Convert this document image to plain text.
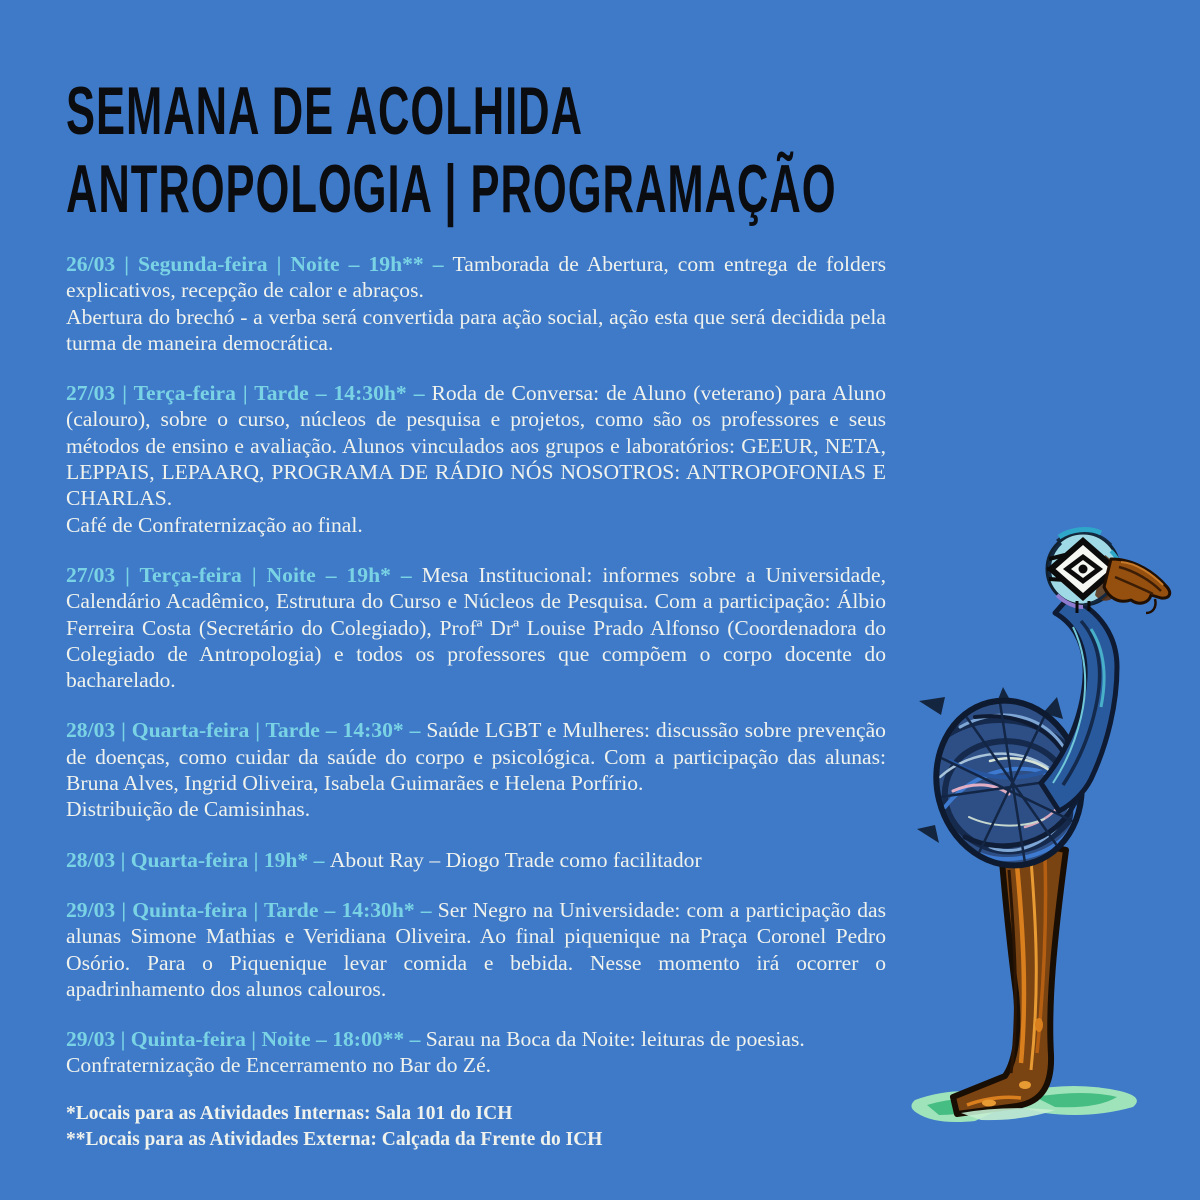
SEMANA DE ACOLHIDA
ANTROPOLOGIA | PROGRAMAÇÃO

26/03 | Segunda-feira | Noite – 19h** – Tamborada de Abertura, com entrega de folders explicativos, recepção de calor e abraços.
Abertura do brechó - a verba será convertida para ação social, ação esta que será decidida pela turma de maneira democrática.

27/03 | Terça-feira | Tarde – 14:30h* – Roda de Conversa: de Aluno (veterano) para Aluno (calouro), sobre o curso, núcleos de pesquisa e projetos, como são os professores e seus métodos de ensino e avaliação. Alunos vinculados aos grupos e laboratórios: GEEUR, NETA, LEPPAIS, LEPAARQ, PROGRAMA DE RÁDIO NÓS NOSOTROS: ANTROPOFONIAS E CHARLAS.
Café de Confraternização ao final.

27/03 | Terça-feira | Noite – 19h* – Mesa Institucional: informes sobre a Universidade, Calendário Acadêmico, Estrutura do Curso e Núcleos de Pesquisa. Com a participação: Álbio Ferreira Costa (Secretário do Colegiado), Profª Drª Louise Prado Alfonso (Coordenadora do Colegiado de Antropologia) e todos os professores que compõem o corpo docente do bacharelado.

28/03 | Quarta-feira | Tarde – 14:30* – Saúde LGBT e Mulheres: discussão sobre prevenção de doenças, como cuidar da saúde do corpo e psicológica. Com a participação das alunas: Bruna Alves, Ingrid Oliveira, Isabela Guimarães e Helena Porfírio.
Distribuição de Camisinhas.

28/03 | Quarta-feira | 19h* – About Ray – Diogo Trade como facilitador

29/03 | Quinta-feira | Tarde – 14:30h* – Ser Negro na Universidade: com a participação das alunas Simone Mathias e Veridiana Oliveira. Ao final piquenique na Praça Coronel Pedro Osório. Para o Piquenique levar comida e bebida. Nesse momento irá ocorrer o apadrinhamento dos alunos calouros.

29/03 | Quinta-feira | Noite – 18:00** – Sarau na Boca da Noite: leituras de poesias.
Confraternização de Encerramento no Bar do Zé.

*Locais para as Atividades Internas: Sala 101 do ICH

**Locais para as Atividades Externa: Calçada da Frente do ICH
